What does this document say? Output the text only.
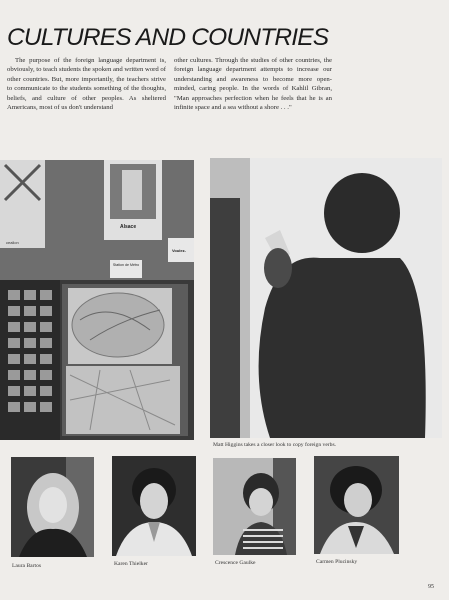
CULTURES AND COUNTRIES

The purpose of the foreign language department is, obviously, to teach students the spoken and written word of other countries. But, more importantly, the teachers strive to communicate to the students something of the thoughts, beliefs, and culture of other peoples. As sheltered Americans, most of us don't understand

other cultures. Through the studies of other countries, the foreign language department attempts to increase our understanding and awareness to become more open-minded, caring people. In the words of Kahlil Gibran, "Man approaches perfection when he feels that he is an infinite space and a sea without a shore . . ."

Alsace
Station de Métro
Voulez-
ceallon
Matt Higgins takes a closer look to copy foreign verbs.
Laura Bartos	Karen Thielker	Crescence Gaulke	Carmen Plucinsky
95
